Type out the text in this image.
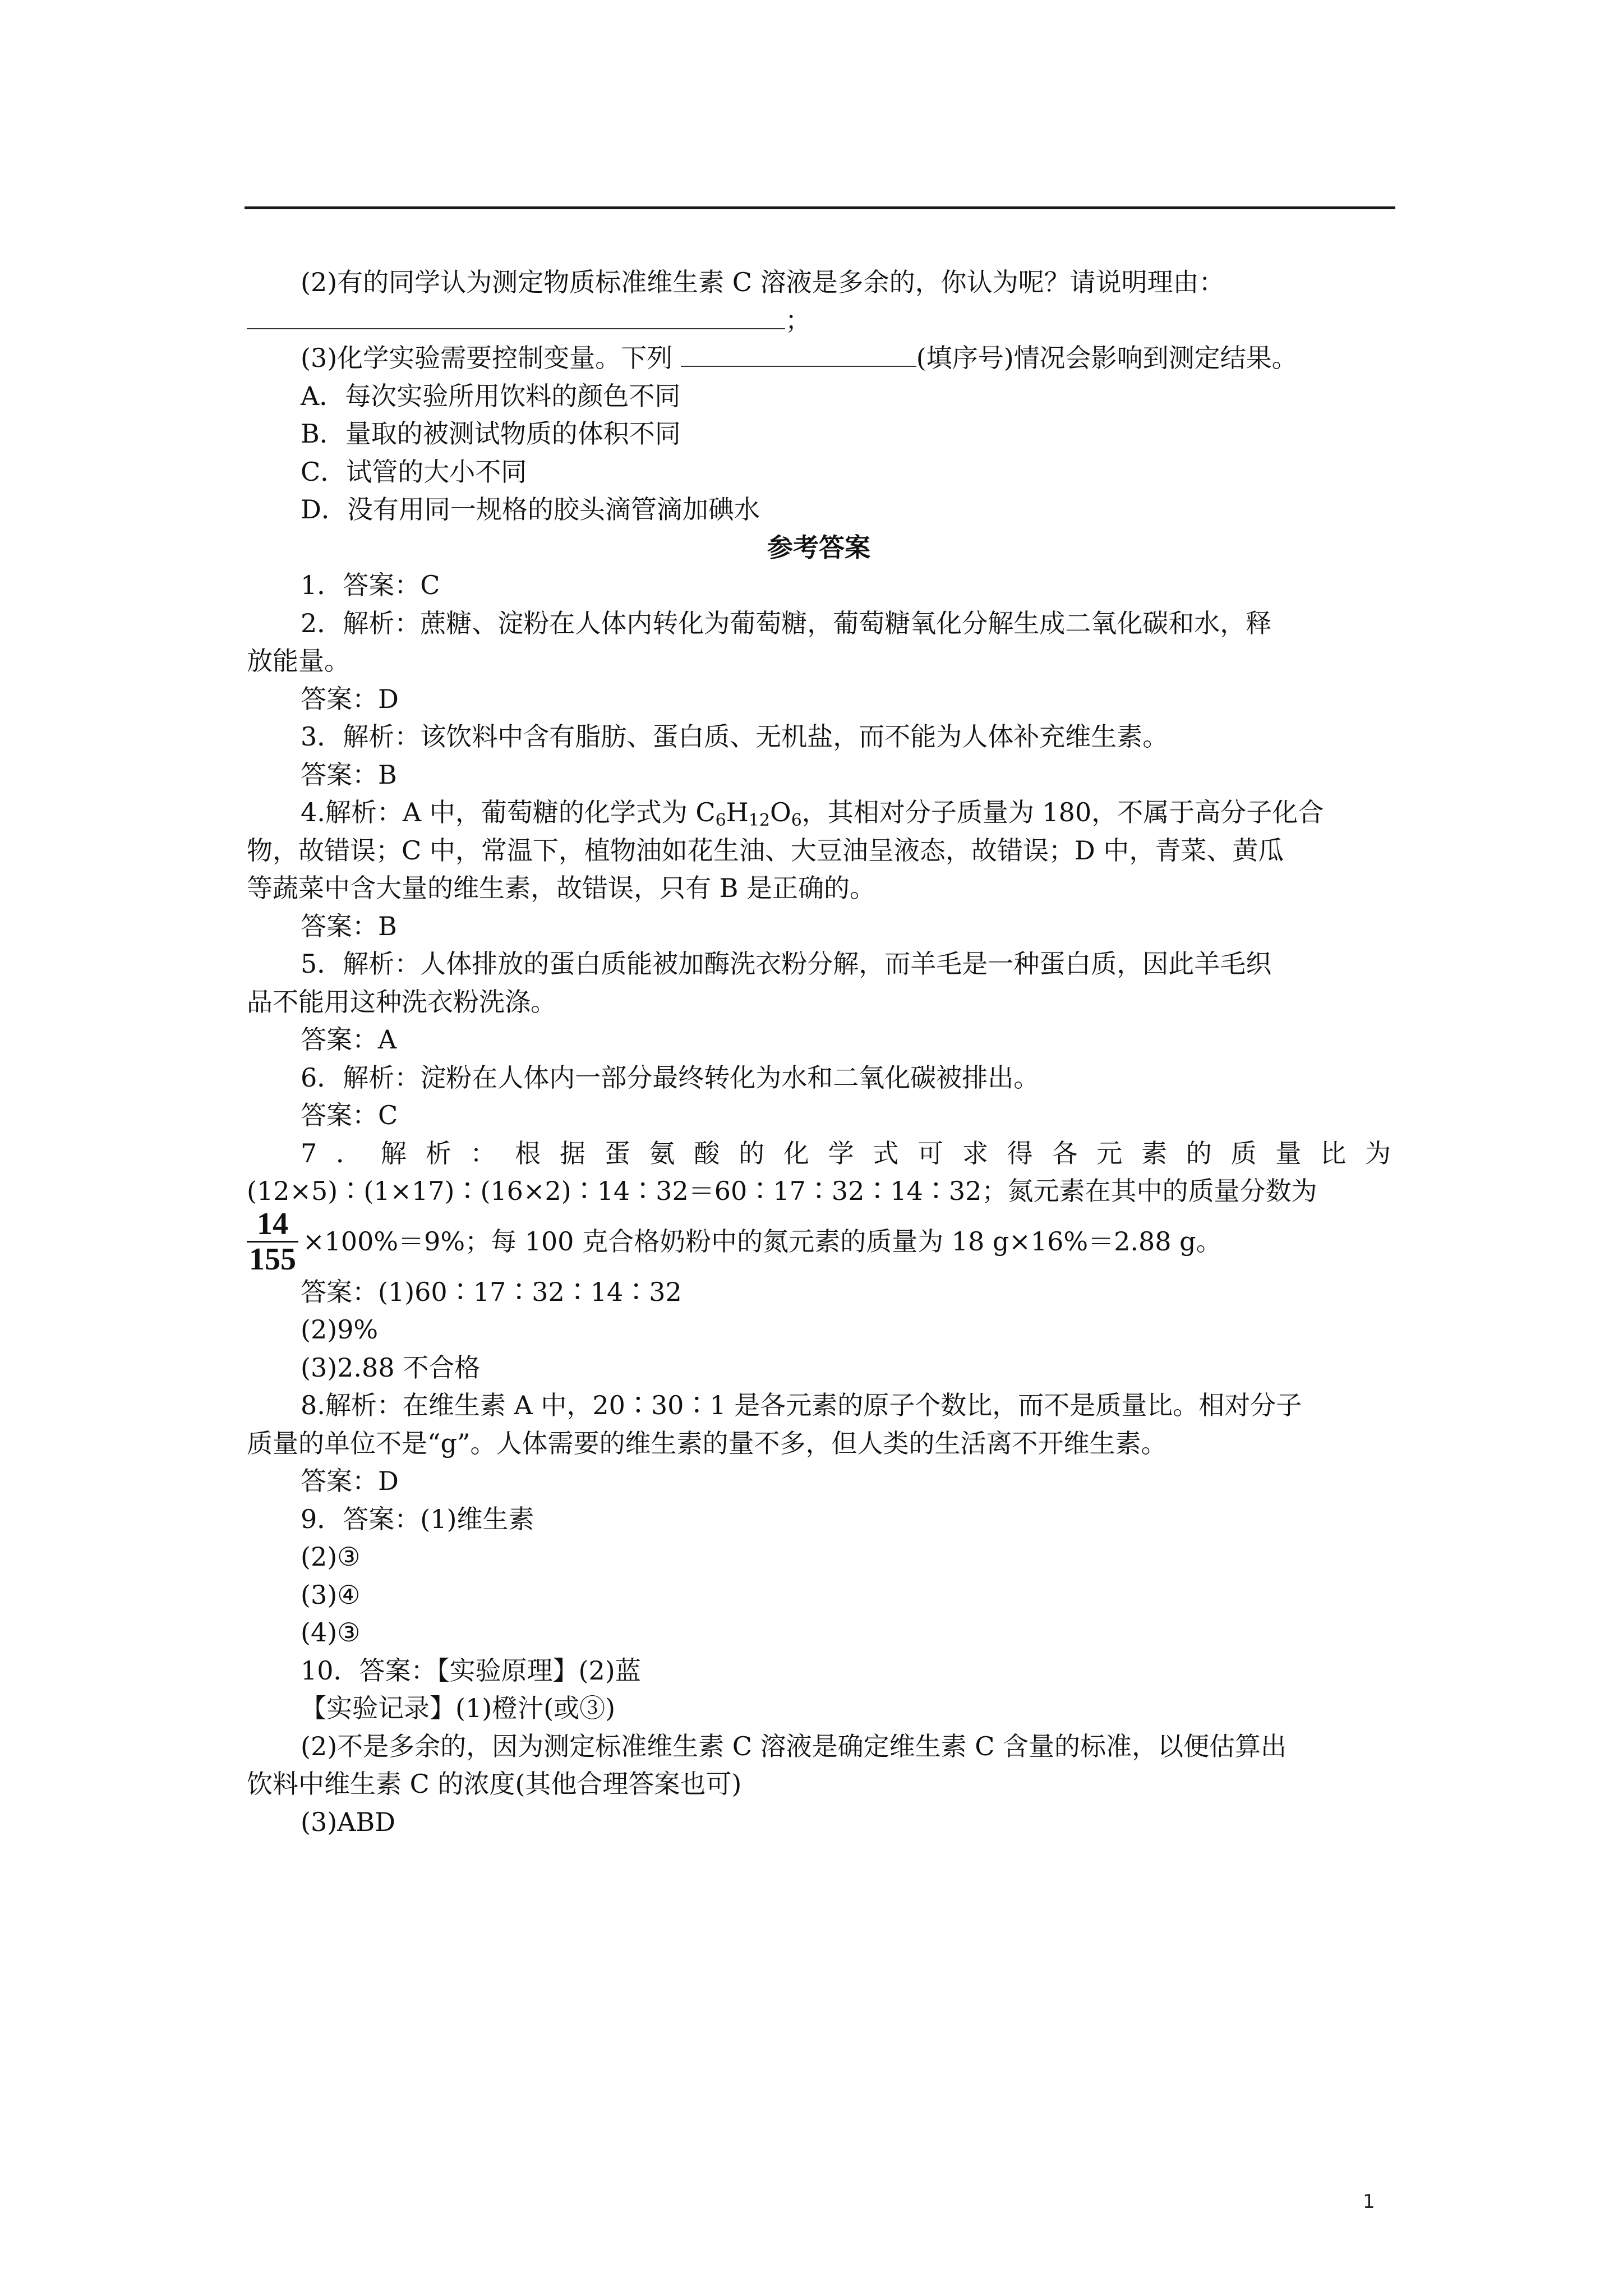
(2)有的同学认为测定物质标准维生素 C 溶液是多余的，你认为呢？请说明理由：
；
(3)化学实验需要控制变量。下列	(填序号)情况会影响到测定结果。
A．每次实验所用饮料的颜色不同
B．量取的被测试物质的体积不同
C．试管的大小不同
D．没有用同一规格的胶头滴管滴加碘水
参考答案
1．答案：C
2．解析：蔗糖、淀粉在人体内转化为葡萄糖，葡萄糖氧化分解生成二氧化碳和水，释
放能量。
答案：D
3．解析：该饮料中含有脂肪、蛋白质、无机盐，而不能为人体补充维生素。
答案：B
4.解析：A 中，葡萄糖的化学式为 $C_6H_{12}O_6$，其相对分子质量为 180，不属于高分子化合
物，故错误；C 中，常温下，植物油如花生油、大豆油呈液态，故错误；D 中，青菜、黄瓜
等蔬菜中含大量的维生素，故错误，只有 B 是正确的。
答案：B
5．解析：人体排放的蛋白质能被加酶洗衣粉分解，而羊毛是一种蛋白质，因此羊毛织
品不能用这种洗衣粉洗涤。
答案：A
6．解析：淀粉在人体内一部分最终转化为水和二氧化碳被排出。
答案：C
7．解析：根据蛋氨酸的化学式可求得各元素的质量比为
(12×5)∶(1×17)∶(16×2)∶14∶32＝60∶17∶32∶14∶32；氮元素在其中的质量分数为
$\frac{14}{155} \times 100\%=9\%$；每 100 克合格奶粉中的氮元素的质量为 18 g×16%＝2.88 g。
答案：(1)60∶17∶32∶14∶32
(2)9%
(3)2.88 不合格
8.解析：在维生素 A 中，20∶30∶1 是各元素的原子个数比，而不是质量比。相对分子
质量的单位不是“g”。人体需要的维生素的量不多，但人类的生活离不开维生素。
答案：D
9．答案：(1)维生素
(2)③
(3)④
(4)③
10．答案：【实验原理】(2)蓝
【实验记录】(1)橙汁(或③)
(2)不是多余的，因为测定标准维生素 C 溶液是确定维生素 C 含量的标准，以便估算出
饮料中维生素 C 的浓度(其他合理答案也可)
(3)ABD
1
